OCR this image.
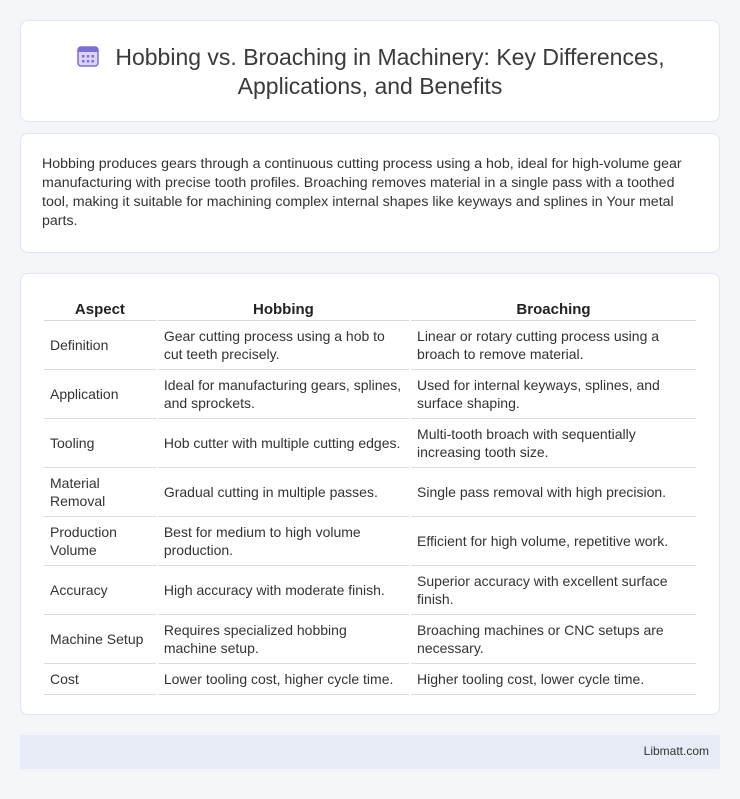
Hobbing vs. Broaching in Machinery: Key Differences, Applications, and Benefits

Hobbing produces gears through a continuous cutting process using a hob, ideal for high-volume gear manufacturing with precise tooth profiles. Broaching removes material in a single pass with a toothed tool, making it suitable for machining complex internal shapes like keyways and splines in Your metal parts.

Aspect	Hobbing	Broaching
Definition	Gear cutting process using a hob to cut teeth precisely.	Linear or rotary cutting process using a broach to remove material.
Application	Ideal for manufacturing gears, splines, and sprockets.	Used for internal keyways, splines, and surface shaping.
Tooling	Hob cutter with multiple cutting edges.	Multi-tooth broach with sequentially increasing tooth size.
Material Removal	Gradual cutting in multiple passes.	Single pass removal with high precision.
Production Volume	Best for medium to high volume production.	Efficient for high volume, repetitive work.
Accuracy	High accuracy with moderate finish.	Superior accuracy with excellent surface finish.
Machine Setup	Requires specialized hobbing machine setup.	Broaching machines or CNC setups are necessary.
Cost	Lower tooling cost, higher cycle time.	Higher tooling cost, lower cycle time.
Libmatt.com
